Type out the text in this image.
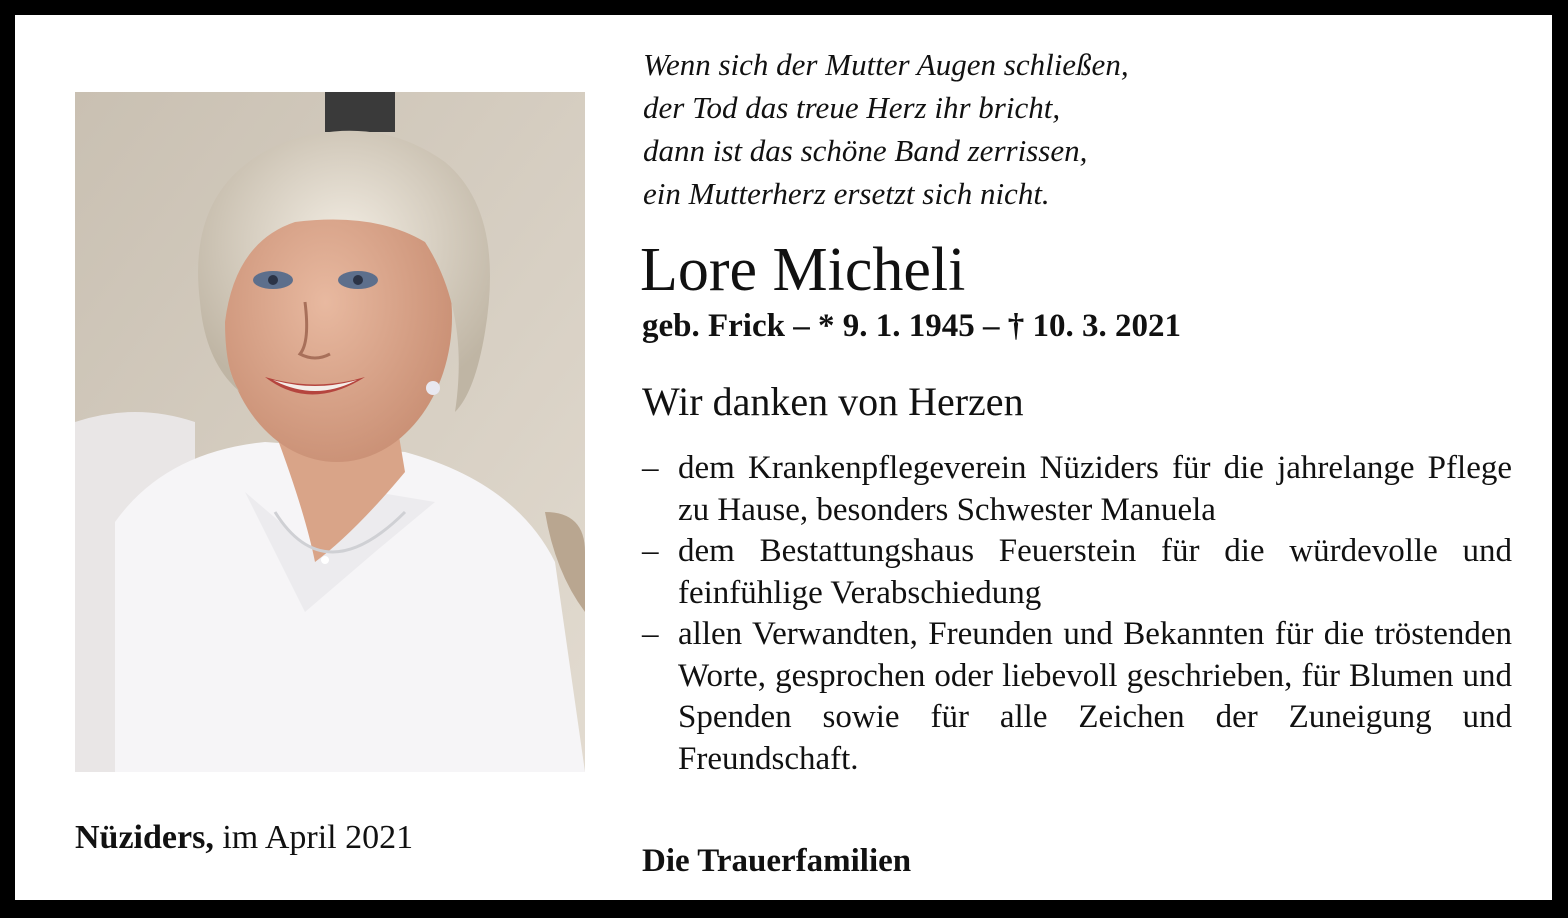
Nüziders, im April 2021
Wenn sich der Mutter Augen schließen,
der Tod das treue Herz ihr bricht,
dann ist das schöne Band zerrissen,
ein Mutterherz ersetzt sich nicht.
Lore Micheli
geb. Frick – * 9. 1. 1945 – † 10. 3. 2021
Wir danken von Herzen
– dem Krankenpflegeverein Nüziders für die jahrelange Pflege zu Hause, besonders Schwester Manuela
– dem Bestattungshaus Feuerstein für die würdevolle und feinfühlige Verabschiedung
– allen Verwandten, Freunden und Bekannten für die tröstenden Worte, gesprochen oder liebevoll geschrieben, für Blumen und Spenden sowie für alle Zeichen der Zuneigung und Freundschaft.
Die Trauerfamilien
